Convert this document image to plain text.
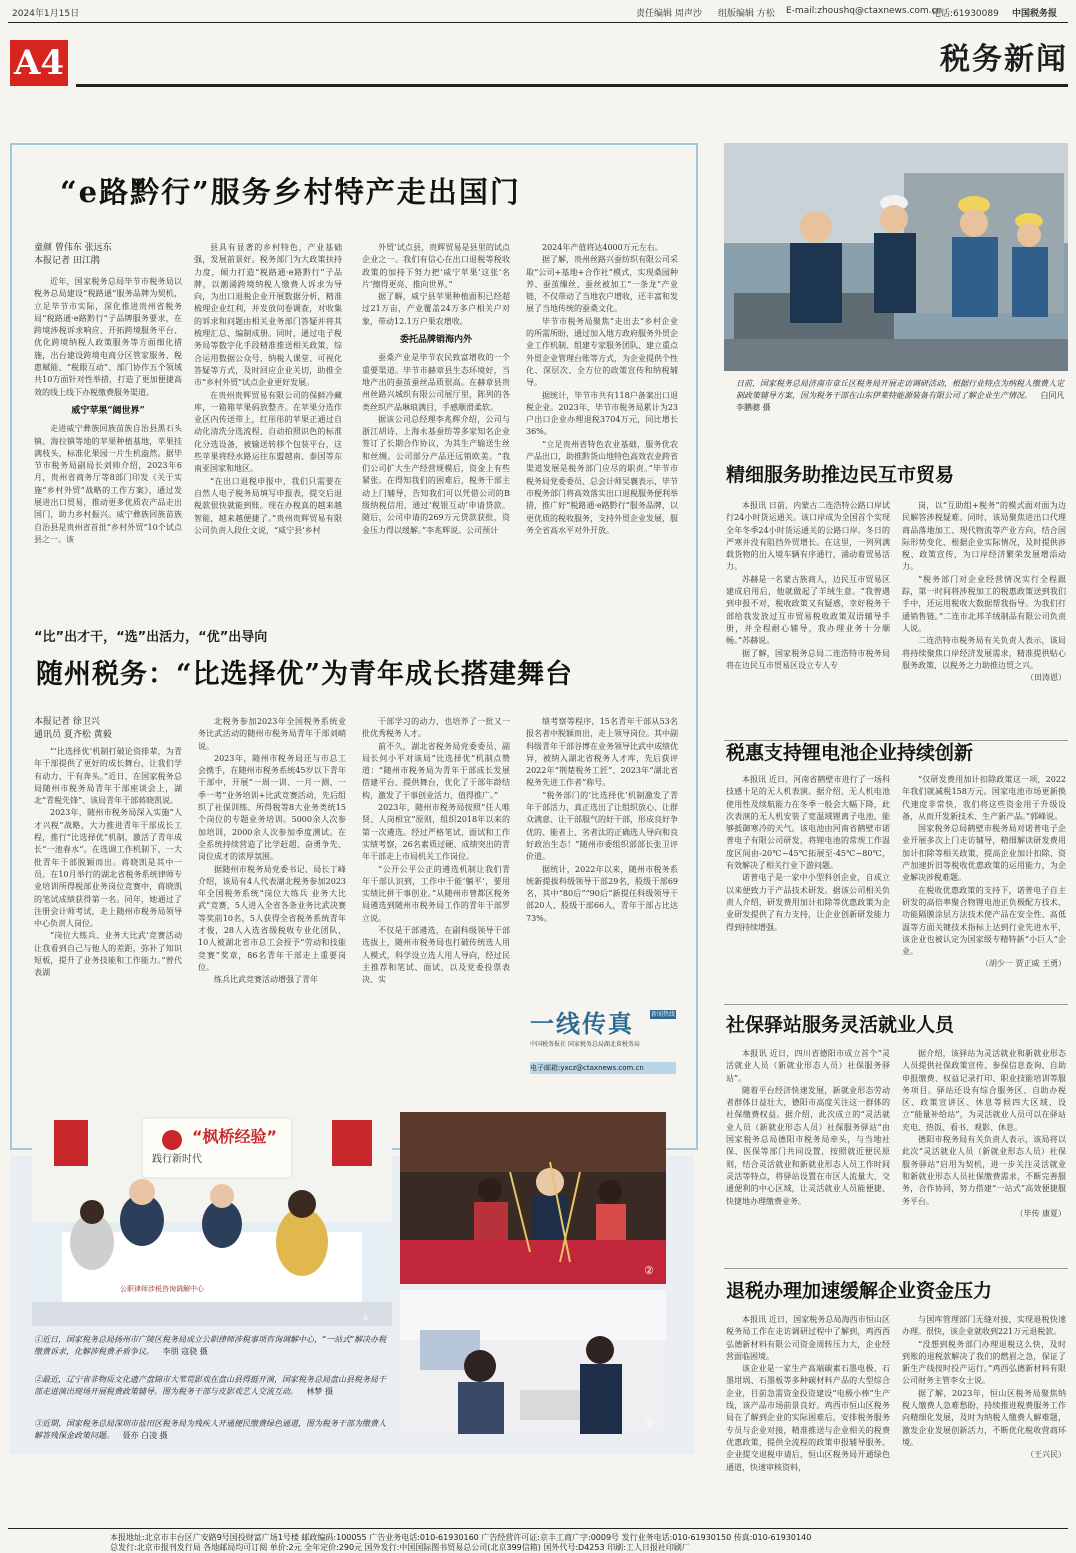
2024年1月15日	责任编辑 周声沙 组版编辑 方松 E-mail:zhoushq@ctaxnews.com.cn
电话:61930089 中国税务报
A4	税务新闻
“e路黔行”服务乡村特产走出国门
童颜 曾伟东 张远东
本报记者 田江鹃

近年，国家税务总局毕节市税务局以税务总局建设“税路通”服务品牌为契机，立足毕节市实际，深化推进贵州省税务局“税路通·e路黔行”子品牌服务要求，在跨境涉税诉求响应、开拓跨境服务平台、优化跨境纳税人政策服务等方面细化措施，出台建设跨境电商分区管家服务、税惠赋能、“税眼互动”、部门协作五个领域共10方面针对性举措，打造了更加便捷高效的线上线下办税缴费服务渠道。

威宁苹果“阔世界”

走进威宁彝族回族苗族自治县黑石头镇、海拉镇等地的苹果种植基地，苹果挂满枝头，标准化果园一片生机盎然。据毕节市税务局副局长刘帅介绍，2023年6月，贵州省商务厅等8部门印发《关于实施“乡村外贸”战略的工作方案》，通过发展进出口贸易，推动更多优质农产品走出国门，助力乡村振兴。威宁彝族回族苗族自治县是贵州省首批“乡村外贸”10个试点县之一。该

县具有显著的乡村特色，产业基础强，发展前景好。税务部门为大政策扶持力度，倾力打造“税路通·e路黔行”子品牌，以潮涌跨境纳税人缴费人诉求为导向，为出口退税企业开展数据分析，精准梳理企业红利，并发放问卷调查，对收集的诉求和问题由相关业务部门答疑并将其梳理汇总、编制成册。同时，通过电子税务局等数字化手段精准推送相关政策，综合运用数据公众号、纳税人课堂、可视化答疑等方式，及时回应企业关切，助推全市“乡村外贸”试点企业更好发展。

在贵州贵辉贸易有限公司的保鲜冷藏库，一箱箱苹果码放整齐。在苹果分选作业区内传送带上，红彤彤的苹果正通过自动化清洗分选流程、自动拍照识色的标准化分选设备，被输送转移个包装平台，这些苹果将经水路运往东盟越南、泰国等东南亚国家和地区。

“在出口退税申报中，我们只需要在自然人电子税务局填写申报表，提交后退税款很快就能到账。现在办税真的越来越智能，越来越便捷了。”贵州贵辉贸易有限公司负责人段仕文说，“威宁县‘乡村

外贸’试点县，贵辉贸易是县里的试点企业之一。我们有信心在出口退税等税收政策的加持下努力把‘威宁苹果’这张‘名片’擦得更亮、推向世界。”

据了解，威宁县苹果种植面积已经超过21万亩，产业覆盖24万多户相关户对象，带动12.1万户果农增收。

委托品牌销海内外

蚕桑产业是毕节农民致富增收的一个重要渠道。毕节市赫章县生态环境好，当地产出的蚕茧蚕丝品质很高。在赫章县贵州丝路兴城织有限公司展厅里，陈列的各类丝织产品琳琅满目，手感顺滑柔软。

据该公司总经理李兆辉介绍，公司与浙江胡诗、上海永基蚕纺等多家知名企业签订了长期合作协议，为其生产输送生丝和丝绸。公司部分产品还远销欧美。“我们公司扩大生产经营规模后，资金上有些紧张。在得知我们的困难后，税务干部主动上门辅导，告知我们可以凭借公司的B级纳税信用，通过‘税银互动’申请贷款。随后，公司申请的269万元贷款获批，资金压力得以缓解。”李兆辉说。公司预计

2024年产值将达4000万元左右。

据了解，贵州丝路兴蚕纺织有限公司采取“公司+基地+合作社”模式，实现桑园种养、蚕茧缫丝、蚕丝被加工“一条龙”产业链，不仅带动了当地农户增收，还丰富和发展了当地传统的蚕桑文化。

毕节市税务局聚焦“走出去”乡村企业的所需所盼，通过加入地方政府服务外贸企业工作机制、组建专家服务团队、建立重点外贸企业管理台账等方式，为企业提供个性化、深层次、全方位的政策宣传和纳税辅导。

据统计，毕节市共有118户备案出口退税企业。2023年，毕节市税务局累计为23户出口企业办理退税3704万元，同比增长36%。

“立足贵州省特色农业基础，服务优农产品出口，助推黔货山地特色高效农业跨省渠道发展是税务部门应尽的职责。”毕节市税务局党委委员、总会计师吴襄表示，毕节市税务部门将高效落实出口退税服务便利举措，推广好“税路通·e路黔行”服务品牌，以更优质的税收服务，支持外贸企业发展，服务全省高水平对外开放。

“比”出才干，“选”出活力，“优”出导向
随州税务：“比选择优”为青年成长搭建舞台
本报记者 徐卫兴
通讯员 夏齐松 黄毅

“‘比选择优’机制打破论资排辈，为青年干部提供了更好的成长舞台，让我们学有动力、干有奔头。”近日，在国家税务总局随州市税务局青年干部座谈会上，湖北“青税先锋”、该局青年干部蒋晓凯说。

2023年，随州市税务局深入实施“人才兴税”战略，大力推进青年干部成长工程，推行“比选择优”机制，激活了青年成长“一池春水”。在选调工作机制下，一大批青年干部脱颖而出。蒋晓凯是其中一员。在10月举行的湖北省税务系统律师专业培训所得税部业务岗位竞赛中，蒋晓凯的笔试成绩获得第一名。同年，她通过了注册会计师考试，走上随州市税务局领导中心负责人岗位。

“岗位大练兵、业务大比武’竞赛活动让我看到自己与他人的差距，弥补了知识短板，提升了业务技能和工作能力。”曾代表湖

北税务参加2023年全国税务系统业务比武活动的随州市税务局青年干部刘峭说。

2023年，随州市税务局还与市总工会携手，在随州市税务系统45岁以下青年干部中，开展“一周一训、一月一测、一季一考”业务培训+比武竞赛活动，先后组织了社保训练、所得税等8大业务类统15个岗位的专题业务培训。5000余人次参加培训，2000余人次参加季度测试。在全系统持续营造了比学赶超、奋勇争先、岗位成才的浓厚氛围。

据随州市税务局党委书记、局长丁峰介绍，该局有4人代表湖北税务参加2023年全国税务系统“岗位大练兵 业务大比武”竞赛，5人进入全省各条业务比武决赛等奖前10名，5人获得全省税务系统青年才俊，28人入选省级税收专业化团队，10人被湖北省市总工会授予“劳动和技能竞赛”奖章，86名青年干部走上重要岗位。

练兵比武竞赛活动增强了青年

干部学习的动力，也培养了一批又一批优秀税务人才。

前不久，湖北省税务局党委委员、副局长何小平对该局“比选择优”机制点赞道：“随州市税务局为青年干部成长发展搭建平台、提供舞台，优化了干部年龄结构，激发了干事创业活力，值得推广。”

2023年，随州市税务局按照“任人唯贤、人岗相宜”原则，组织2018年以来的第一次遴选。经过严格笔试、面试和工作实绩考察，26名素质过硬、成绩突出的青年干部走上市局机关工作岗位。

“公开公平公正的遴选机制让我们青年干部认识到，工作中干能‘躺平’，要用实绩比拼干事创业。”从随州市曾都区税务局遴选到随州市税务局工作的青年干部罗立说。

不仅是干部遴选，在副科级领导干部选拔上，随州市税务局也打破传统选人用人模式，科学设立选人用人导向，经过民主推荐和笔试、面试，以及党委投票表决、实

绩考察等程序，15名青年干部从53名报名者中脱颖而出，走上领导岗位。其中副科级青年干部谷博在业务领导比武中成绩优异，被纳入湖北省税务人才库，先后获评2022年“荆楚税务工匠”、2023年“湖北省税务先进工作者”称号。

“税务部门的‘比选择优’机制激发了青年干部活力，真正选出了让组织放心、让群众满意、让干部服气的好干部，形成良好争优的、能者上、劣者汰的正确选人导向和良好政治生态！”随州市委组织部部长张卫评价道。

据统计，2022年以来，随州市税务系统新提拔科级领导干部29名，股级干部69名，其中“80后”“90后”新提任科级领导干部20人、股级干部66人，青年干部占比达73%。

一线传真	新闻热线
中国税务报社 国家税务总局湖北省税务局
电子邮箱:yxcz@ctaxnews.com.cn
“枫桥经验”
践行新时代
①
②
③
①近日，国家税务总局扬州市广陵区税务局成立公职律师涉税事项咨询调解中心，“一站式”解决办税缴费诉求，化解涉税费矛盾争议。 李朋 寇骁 摄
②最近，辽宁省非物质文化遗产盘锦市大苇荒影戏在盘山县得挺开演，国家税务总局盘山县税务局干部走进演出现场开展税费政策辅导。图为税务干部与皮影戏艺人交流互动。 林梦 摄
③近期，国家税务总局深圳市盐田区税务局为残疾人开通便民缴费绿色通道，图为税务干部为缴费人解答残保金政策问题。 聂亦 白凌 摄
公职律师涉税咨询调解中心
日前，国家税务总局济南市章丘区税务局开展走访调研活动，根据行业特点为纳税人缴费人定制政策辅导方案，因为税务干部在山东伊莱特能源装备有限公司了解企业生产情况。 白同凡 李鹏骢 摄
精细服务助推边民互市贸易

本报讯 日前，内蒙古二连浩特公路口岸试行24小时货运通关。该口岸成为全国首个实现全年冬季24小时货运通关的公路口岸。冬日的严寒并没有阻挡外贸增长。在这里，一列列满载货物的出入境车辆有序通行，涌动着贸易活力。

苏赫是一名蒙古族商人，边民互市贸易区建成启用后，他就做起了羊绒生意。“我曾遇到申报不对，税收政策又有疑惑，幸好税务干部给我发放过互市贸易税收政策双语辅导手册，并全程耐心辅导，我办理业务十分顺畅。”苏赫说。

据了解，国家税务总局二连浩特市税务局将在边民互市贸易区设立专人专

岗，以“互助组+税务”的模式面对面为边民解答涉税疑难。同时，该局聚焦进出口代理商品落地加工、现代物流等产业方向，结合国际形势变化、根据企业实际情况，及时提供涉税、政策宣传，为口岸经济繁荣发展增添动力。

“税务部门对企业经营情况实行全程跟踪，第一时间将涉税加工的税惠政策送到我们手中，还运用税收大数据帮我指导。为我们打通销售链。”二连市北邦羊绒制品有限公司负责人说。

二连浩特市税务局有关负责人表示，该局将持续聚焦口岸经济发展需求，精准提供贴心服务政策，以税务之力助推边贸之兴。

（田涛恩）
税惠支持锂电池企业持续创新

本报讯 近日，河南省鹤壁市进行了一场科技感十足的无人机表演。据介绍，无人机电池使用性及续航能力在冬季一般会大幅下降，此次表演的无人机安装了宽温域锂离子电池，能够抵御寒冷的天气。该电池由河南省鹤壁市诺普电子有限公司研发，将锂电池的常规工作温度区间由-20℃~45℃拓展至-45℃~80℃，有效解决了相关行业下游问题。

诺普电子是一家中小型科创企业，自成立以来便致力于产品技术研发。据该公司相关负责人介绍，研发费用加计扣除等优惠政策为企业研发提供了有力支持，让企业创新研发能力得到持续增强。

“仅研发费用加计扣除政策这一项，2022年我们就减税158万元。国家电池市场更新换代速度非常快，我们将这些资金用于升级设备，从而开发新技术、生产新产品。”郭峰说。

国家税务总局鹤壁市税务局对诺普电子企业开展多次上门走访辅导，精细解读研发费用加计扣除等相关政策，提高企业加计扣除、资产加速折旧等税收优惠政策的运用能力，为企业解决涉税难题。

在税收优惠政策的支持下，诺普电子自主研发的高倍率聚合物锂电池正负极配方技术、功能隔膜涂层方法技术使产品在安全性、高低温等方面关键技术指标上达到行业先进水平，该企业也被认定为国家级专精特新“小巨人”企业。

（胡少一 贾正威 王勇）
社保驿站服务灵活就业人员

本报讯 近日，四川省德阳市成立首个“灵活就业人员（新就业形态人员）社保服务驿站”。

随着平台经济快速发展，新就业形态劳动者群体日益壮大，德阳市高度关注这一群体的社保缴费权益。据介绍，此次成立的“灵活就业人员（新就业形态人员）社保服务驿站”由国家税务总局德阳市税务局牵头，与当地社保、医保等部门共同设置，按照就近便民原则，结合灵活就业和新就业形态人员工作时间灵活等特点，将驿站设置在市区人流量大、交通便利的中心区域，让灵活就业人员能便捷、快捷地办理缴费业务。

据介绍，该驿站为灵活就业和新就业形态人员提供社保政策宣传、参保信息查询、自助申报缴费、权益记录打印、职业技能培训等服务项目。驿站还设有综合服务区、自助办税区、政策宣讲区、休息等候四大区域，设立“能量补给站”，为灵活就业人员可以在驿站充电、热饭、看书、观影、休息。

德阳市税务局有关负责人表示，该局将以此次“灵活就业人员（新就业形态人员）社保服务驿站”启用为契机，进一步关注灵活就业和新就业形态人员社保缴费需求，不断完善服务，合作协同，努力搭建“一站式”高效便捷服务平台。

（毕传 康夏）
退税办理加速缓解企业资金压力

本报讯 近日，国家税务总局海西市恒山区税务局工作在走访调研过程中了解到，鸡西西弘德新材料有限公司资金周转压力大，企业经营面临困境。

该企业是一家生产高端碳素石墨电极、石墨坩埚、石墨板等多种碳材料产品的大型综合企业，目前急需资金投资建设“电极小棒”生产线，该产品市场前景良好。鸡西市恒山区税务局在了解到企业的实际困难后，安排税务服务专员与企业对接，精准推送与企业相关的税费优惠政策，提供全流程的政策申报辅导服务。企业提交退税申请后，恒山区税务局开通绿色通道，快速审核资料，

与国库管理部门无缝对接，实现退税快速办理。很快，该企业就收到221万元退税款。

“没想到税务部门办理退税这么快，及时到账的退税款解决了我们的燃眉之急，保证了新生产线按时投产运行。”鸡西弘德新材料有限公司财务主管李女士说。

据了解，2023年，恒山区税务局聚焦纳税人缴费人急难愁盼，持续推进税费服务工作向精细化发展，及时为纳税人缴费人解难题，激发企业发展创新活力，不断优化税收营商环境。

（王兴民）
本报地址:北京市丰台区广安路9号国投财富广场1号楼 邮政编码:100055 广告业务电话:010-61930160 广告经营许可证:京丰工商广字:0009号 发行业务电话:010-61930150 传真:010-61930140
总发行:北京市报刊发行局 各地邮局均可订阅 单价:2元 全年定价:290元 国外发行:中国国际图书贸易总公司(北京399信箱) 国外代号:D4253 印刷:工人日报社印刷厂
